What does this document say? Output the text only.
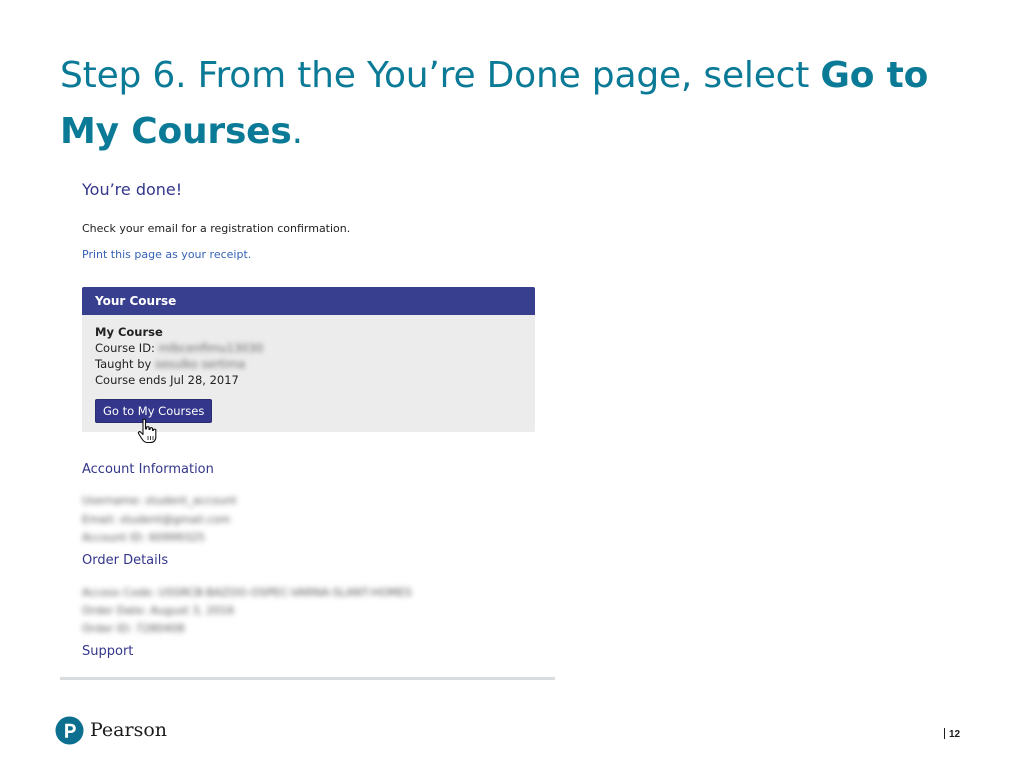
Step 6. From the You’re Done page, select Go to My Courses.
You’re done!
Check your email for a registration confirmation.
Print this page as your receipt.
Your Course
My Course
Course ID: mlbcenfimu13030
Taught by sesulko sertima
Course ends Jul 28, 2017
Go to My Courses
Account Information
Username: student_account
Email: student@gmail.com
Account ID: 60999325
Order Details
Access Code: USSRCB-BAZOO-OSPEC-VARNA-SLANT-HOMES
Order Date: August 3, 2016
Order ID: 7280408
Support
Pearson	12
